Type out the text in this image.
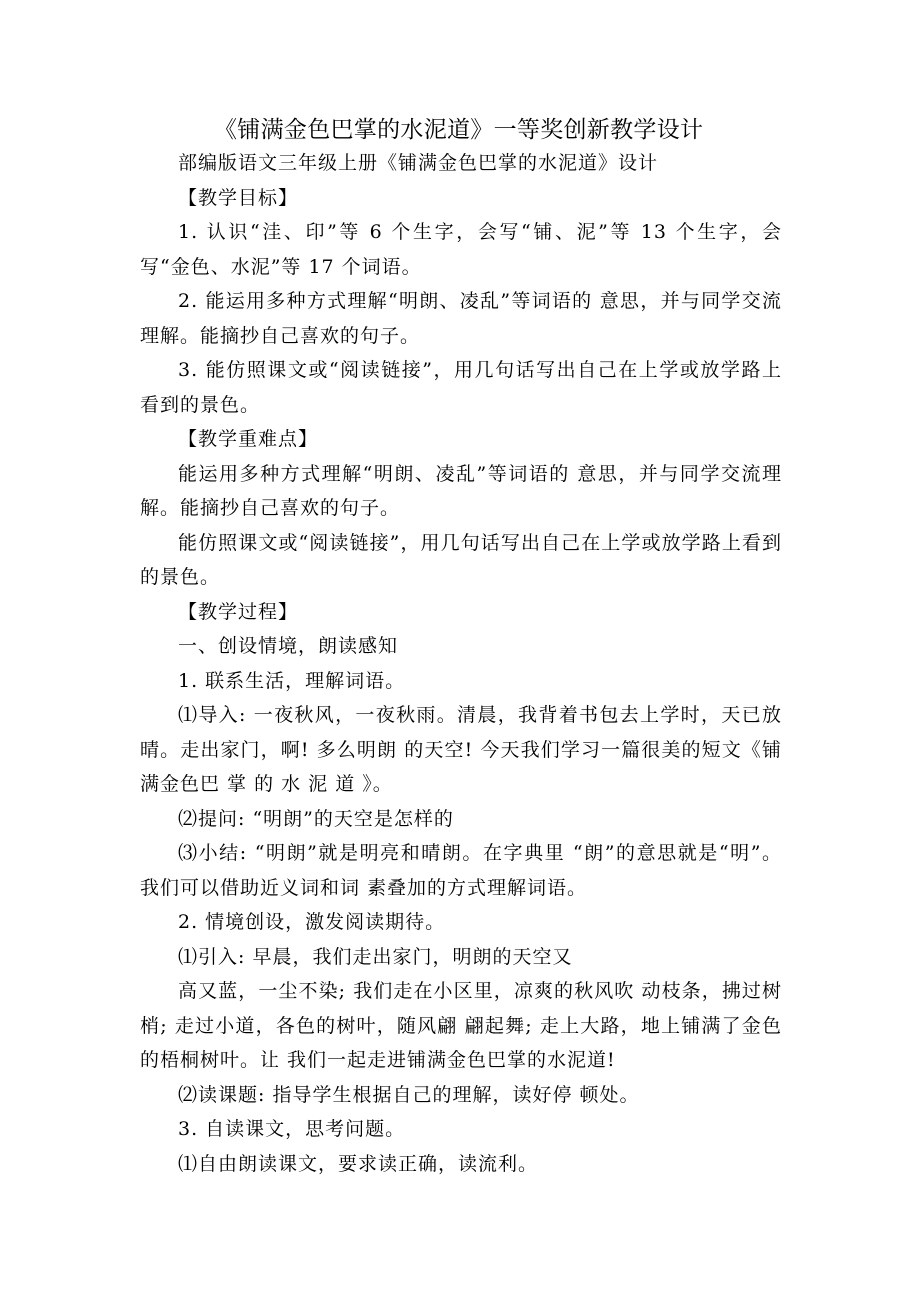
《铺满金色巴掌的水泥道》一等奖创新教学设计

部编版语文三年级上册《铺满金色巴掌的水泥道》设计

【教学目标】

1. 认识“洼、印”等 6 个生字，会写“铺、泥”等 13 个生字，会写“金色、水泥”等 17 个词语。

2. 能运用多种方式理解“明朗、凌乱”等词语的 意思，并与同学交流理解。能摘抄自己喜欢的句子。

3. 能仿照课文或“阅读链接”，用几句话写出自己在上学或放学路上看到的景色。

【教学重难点】

能运用多种方式理解“明朗、凌乱”等词语的 意思，并与同学交流理解。能摘抄自己喜欢的句子。

能仿照课文或“阅读链接”，用几句话写出自己在上学或放学路上看到的景色。

【教学过程】

一、创设情境，朗读感知

1. 联系生活，理解词语。

⑴导入: 一夜秋风，一夜秋雨。清晨，我背着书包去上学时，天已放晴。走出家门，啊! 多么明朗 的天空! 今天我们学习一篇很美的短文《铺满金色巴 掌 的 水 泥 道 》。

⑵提问: “明朗”的天空是怎样的

⑶小结: “明朗”就是明亮和晴朗。在字典里 “朗”的意思就是“明”。我们可以借助近义词和词 素叠加的方式理解词语。

2. 情境创设，激发阅读期待。

⑴引入: 早晨，我们走出家门，明朗的天空又

高又蓝，一尘不染; 我们走在小区里，凉爽的秋风吹 动枝条，拂过树梢; 走过小道，各色的树叶，随风翩 翩起舞; 走上大路，地上铺满了金色的梧桐树叶。让 我们一起走进铺满金色巴掌的水泥道!

⑵读课题: 指导学生根据自己的理解，读好停 顿处。

3. 自读课文，思考问题。

⑴自由朗读课文，要求读正确，读流利。
